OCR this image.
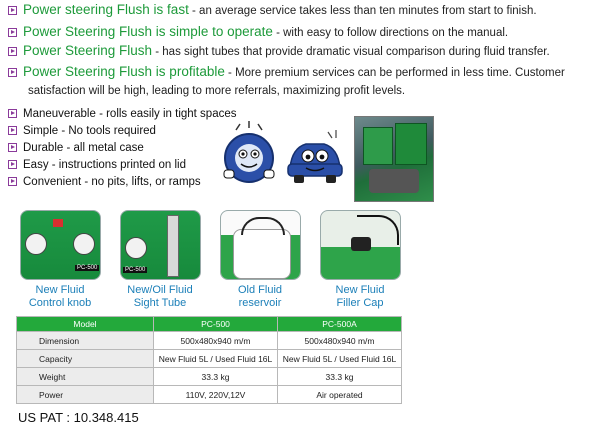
Power steering Flush is fast - an average service takes less than ten minutes from start to finish.
Power Steering Flush is simple to operate - with easy to follow directions on the manual.
Power Steering Flush - has sight tubes that provide dramatic visual comparison during fluid transfer.
Power Steering Flush is profitable - More premium services can be performed in less time. Customer
satisfaction will be high, leading to more referrals, maximizing profit levels.
Maneuverable - rolls easily in tight spaces
Simple - No tools required
Durable - all metal case
Easy - instructions printed on lid
Convenient - no pits, lifts, or ramps
PC-500	PC-500
New Fluid
Control knob
New/Oil Fluid
Sight Tube
Old Fluid
reservoir
New Fluid
Filler Cap
Model	PC-500	PC-500A
Dimension	500x480x940 m/m	500x480x940 m/m
Capacity	New Fluid 5L / Used Fluid 16L	New Fluid 5L / Used Fluid 16L
Weight	33.3 kg	33.3 kg
Power	110V, 220V,12V	Air operated
US PAT : 10.348.415
